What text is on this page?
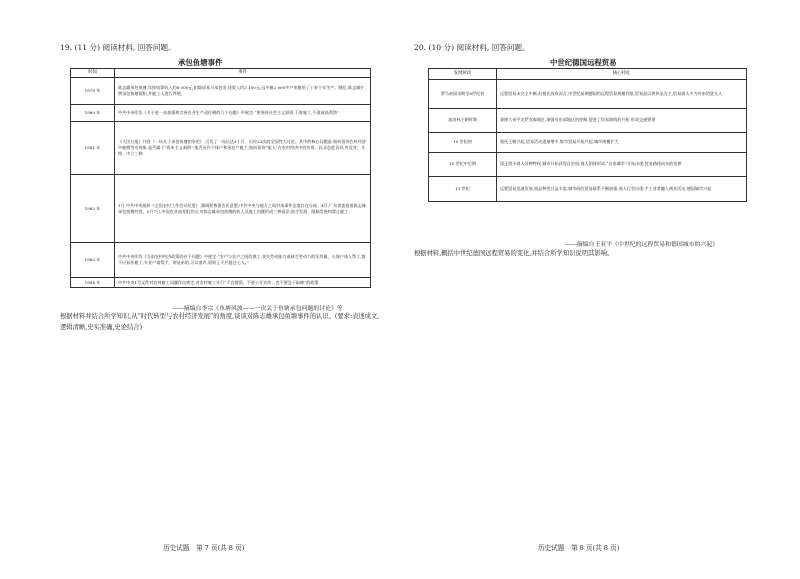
19. (11 分) 阅读材料, 回答问题。
承包鱼塘事件
时间	事件
1979 年	陈志雄承包鱼塘,年终结算收入约8 000元,扣除成本与承包金,纯收入约3 100元,远多雇2 000多户来雇用了十来个年生产。随后,陈志雄扩增承包鱼塘面积,并雇工人进行养殖。
1980 年	中共中央印发《关于进一步加强和完善农业生产责任制的几个问题》中规定:“要坚持社会主义原则,不准雇工,不准放高利贷”
1981 年	《人民日报》刊登《一场关于承包鱼塘的争论》,引发了一场长达3个月、历经23次的全国性大讨论。其中的核心问题是:如何看待农村经济中雇佣劳动现象,是否属于“资本主义剥削”;能否允许个体户和承包户雇工;如何看待“能人”在农村经济中的作用。民众态度各异,有反对、支持、中立三种
1982 年	1月,中共中央批转《全国农村工作会议纪要》,强调要尊重农民意愿;中共中央与地方之间对该事件态度存在分歧。4月,广东省委批准陈志雄承包鱼塘经营。5月7日,中国农业部党组会议,对陈志雄承包鱼塘的收入及雇工问题形成三种看法:放手发展、限制发展和禁止雇工
1983 年	中共中央印发《当前农村经济政策的若干问题》中规定:“农户与农户之间的换工,丧失劳动能力或缺乏劳动力的军烈属、五保户请人帮工,都不应看作雇工;专业户请帮手、带徒弟的,可以准许,原则上不应超过七人。”
1984 年	中共中央1号文件对农村雇工问题作出规定,对农村雇工实行“不宜提倡、不要公开宣传、也不要急于取缔”的政策
——摘编自李宗《鱼塘风波——一次关于鱼塘承包问题的讨论》等
根据材料并结合所学知识,从“时代转型与农村经济发展”的角度,谈谈对陈志雄承包鱼塘事件的认识。(要求:表述成文,逻辑清晰,史实准确,史论结合)
历史试题　第 7 页(共 8 页)
20. (10 分) 阅读材料, 回答问题。
中世纪德国远程贸易
发展阶段	核心特征
罗马帝国末期至8世纪初	远程贸易未完全中断,但相比西欧而言,中世纪前期德国的远程贸易规模有限,贸易品以奢侈品为主,贸易商人多为外来的犹太人
加洛林王朝时期	查理大帝平定萨克森地区,加强对东部地区的控制,促进了贸易路线的开拓,形成交通要道
10 世纪初	奥托王朝兴起,贸易活动逐渐增多,集市贸易开始兴起,城市规模扩大
10 世纪中后期	国王授予商人各种特权,城市开始获得自治权;商人团体形成,“自由城市”开始出现;贸易路线向东欧延伸
11 世纪	远程贸易迅速发展,商品种类日益丰富,城市间的贸易联系不断加强;商人行会出现,手工业者融入商业活动,德国城市兴起
——摘编自王亚平《中世纪的远程贸易和德国城市的兴起》
根据材料,概括中世纪德国远程贸易的变化,并结合所学知识说明其影响。
历史试题　第 8 页(共 8 页)
